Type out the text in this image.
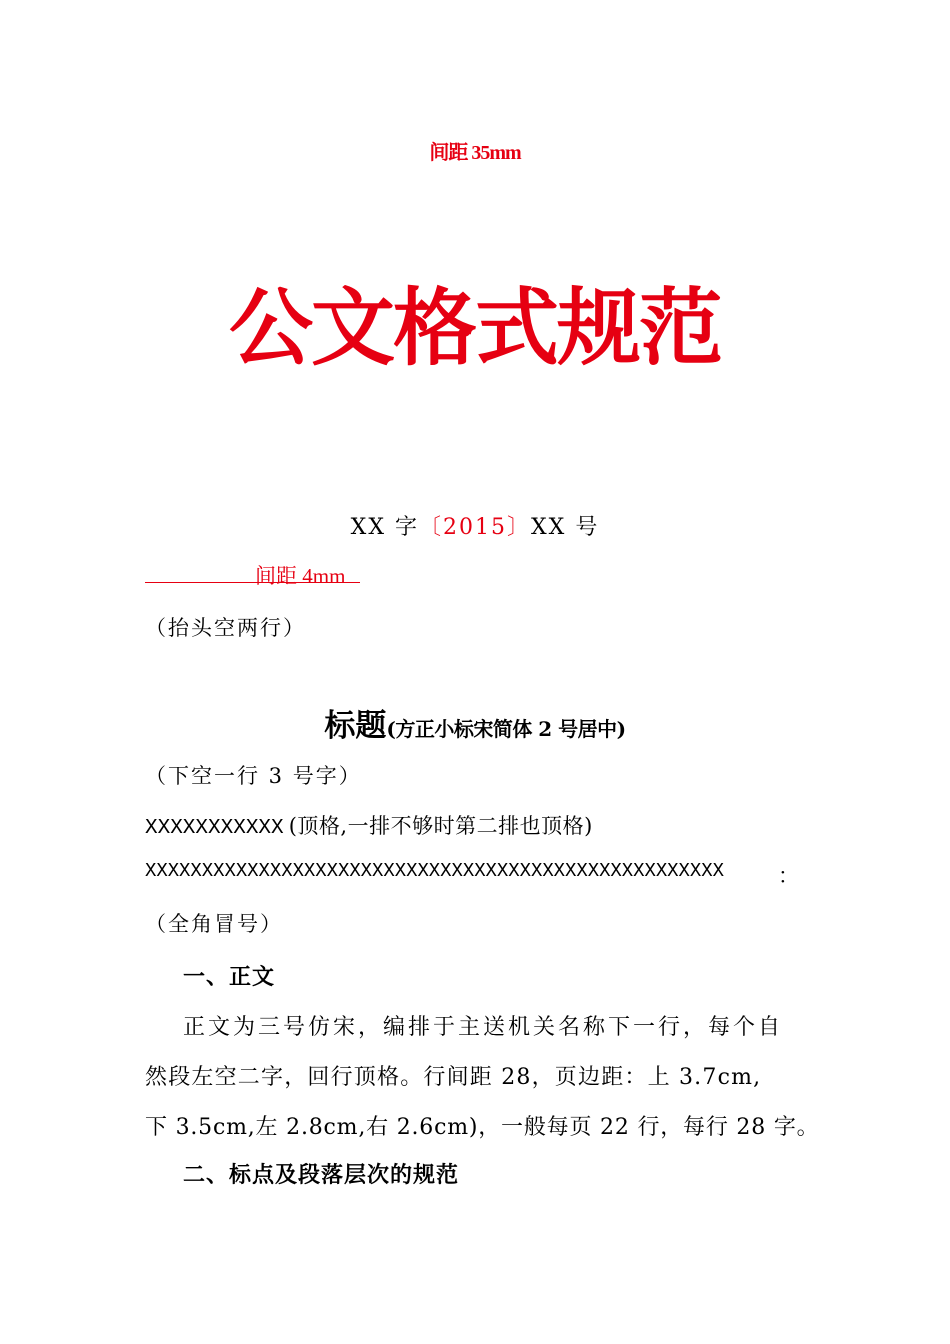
间距 35mm
公文格式规范
XX 字〔2015〕XX 号
间距 4mm
（抬头空两行）
标题(方正小标宋简体 2 号居中)
（下空一行 3 号字）
XXXXXXXXXXX (顶格,一排不够时第二排也顶格)
XXXXXXXXXXXXXXXXXXXXXXXXXXXXXXXXXXXXXXXXXXXXXXXXXXX	：
（全角冒号）
一、正文
正文为三号仿宋，编排于主送机关名称下一行，每个自
然段左空二字，回行顶格。行间距 28，页边距：上 3.7cm,
下 3.5cm,左 2.8cm,右 2.6cm)，一般每页 22 行，每行 28 字。
二、标点及段落层次的规范
